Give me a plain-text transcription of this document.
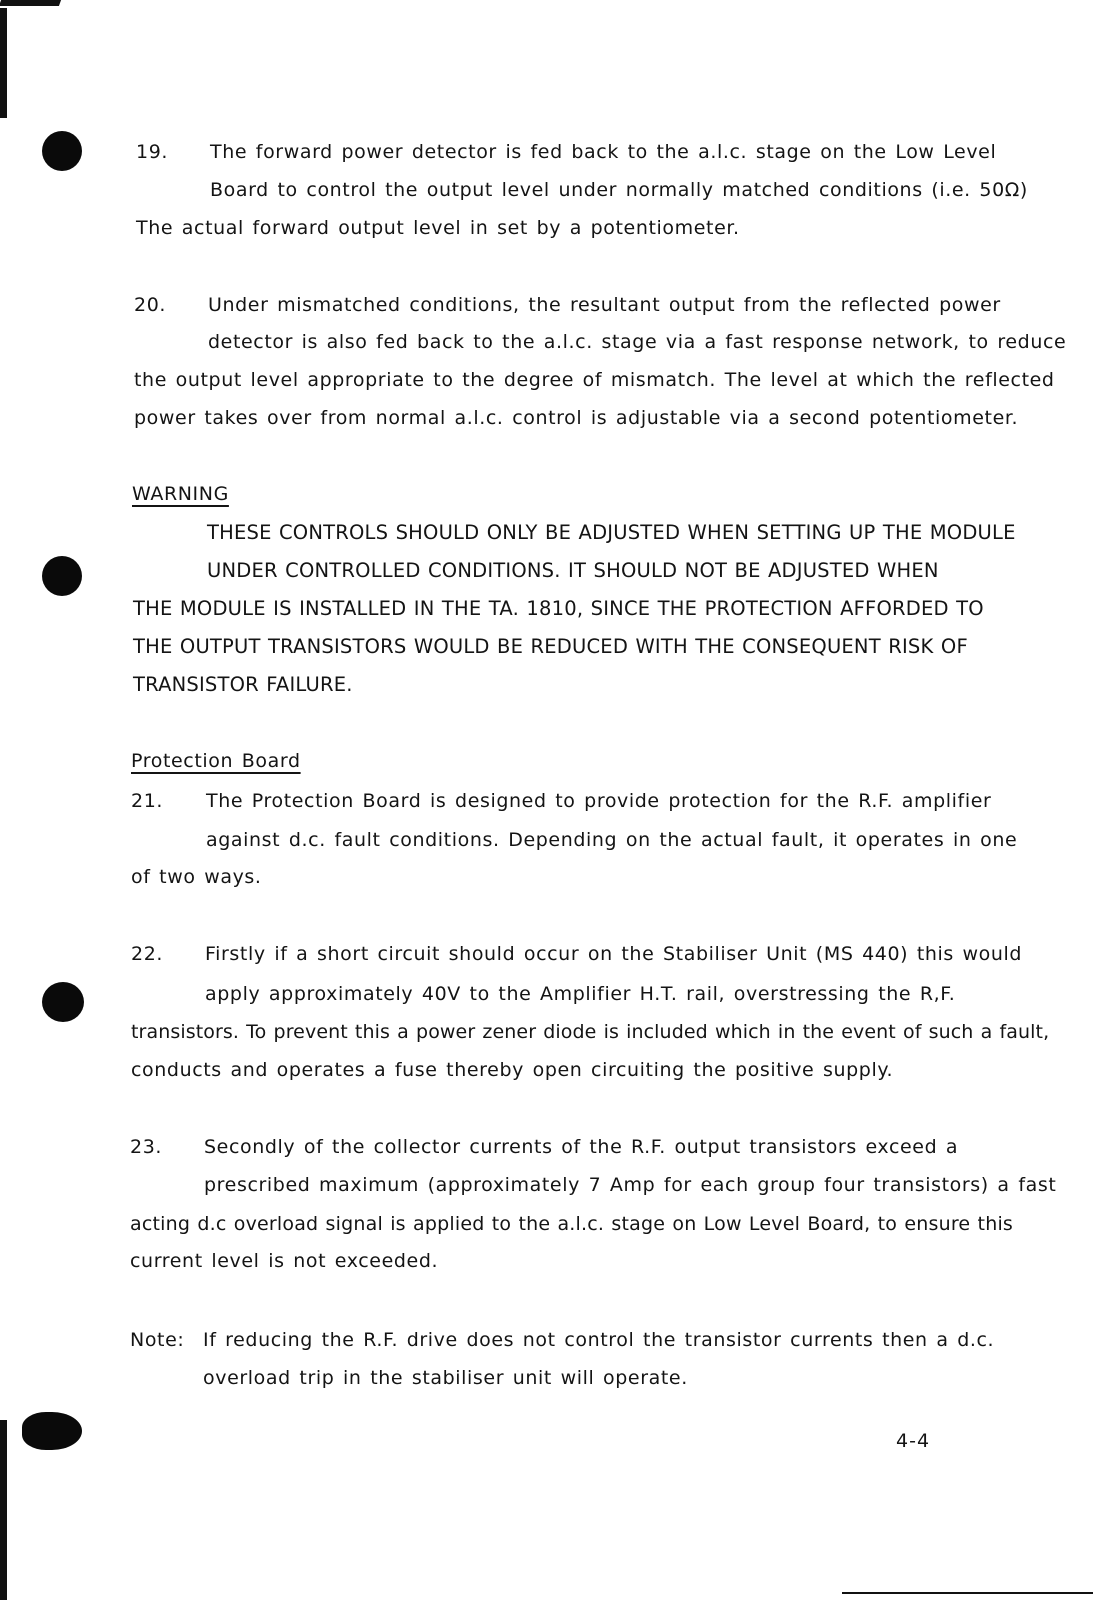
19. The forward power detector is fed back to the a.l.c. stage on the Low Level
Board to control the output level under normally matched conditions (i.e. 50Ω)
The actual forward output level in set by a potentiometer.
20. Under mismatched conditions, the resultant output from the reflected power
detector is also fed back to the a.l.c. stage via a fast response network, to reduce
the output level appropriate to the degree of mismatch. The level at which the reflected
power takes over from normal a.l.c. control is adjustable via a second potentiometer.
WARNING
THESE CONTROLS SHOULD ONLY BE ADJUSTED WHEN SETTING UP THE MODULE
UNDER CONTROLLED CONDITIONS. IT SHOULD NOT BE ADJUSTED WHEN
THE MODULE IS INSTALLED IN THE TA. 1810, SINCE THE PROTECTION AFFORDED TO
THE OUTPUT TRANSISTORS WOULD BE REDUCED WITH THE CONSEQUENT RISK OF
TRANSISTOR FAILURE.
Protection Board
21. The Protection Board is designed to provide protection for the R.F. amplifier
against d.c. fault conditions. Depending on the actual fault, it operates in one
of two ways.
22. Firstly if a short circuit should occur on the Stabiliser Unit (MS 440) this would
apply approximately 40V to the Amplifier H.T. rail, overstressing the R,F.
transistors. To prevent this a power zener diode is included which in the event of such a fault,
conducts and operates a fuse thereby open circuiting the positive supply.
23. Secondly of the collector currents of the R.F. output transistors exceed a
prescribed maximum (approximately 7 Amp for each group four transistors) a fast
acting d.c overload signal is applied to the a.l.c. stage on Low Level Board, to ensure this
current level is not exceeded.
Note: If reducing the R.F. drive does not control the transistor currents then a d.c.
overload trip in the stabiliser unit will operate.
4-4
